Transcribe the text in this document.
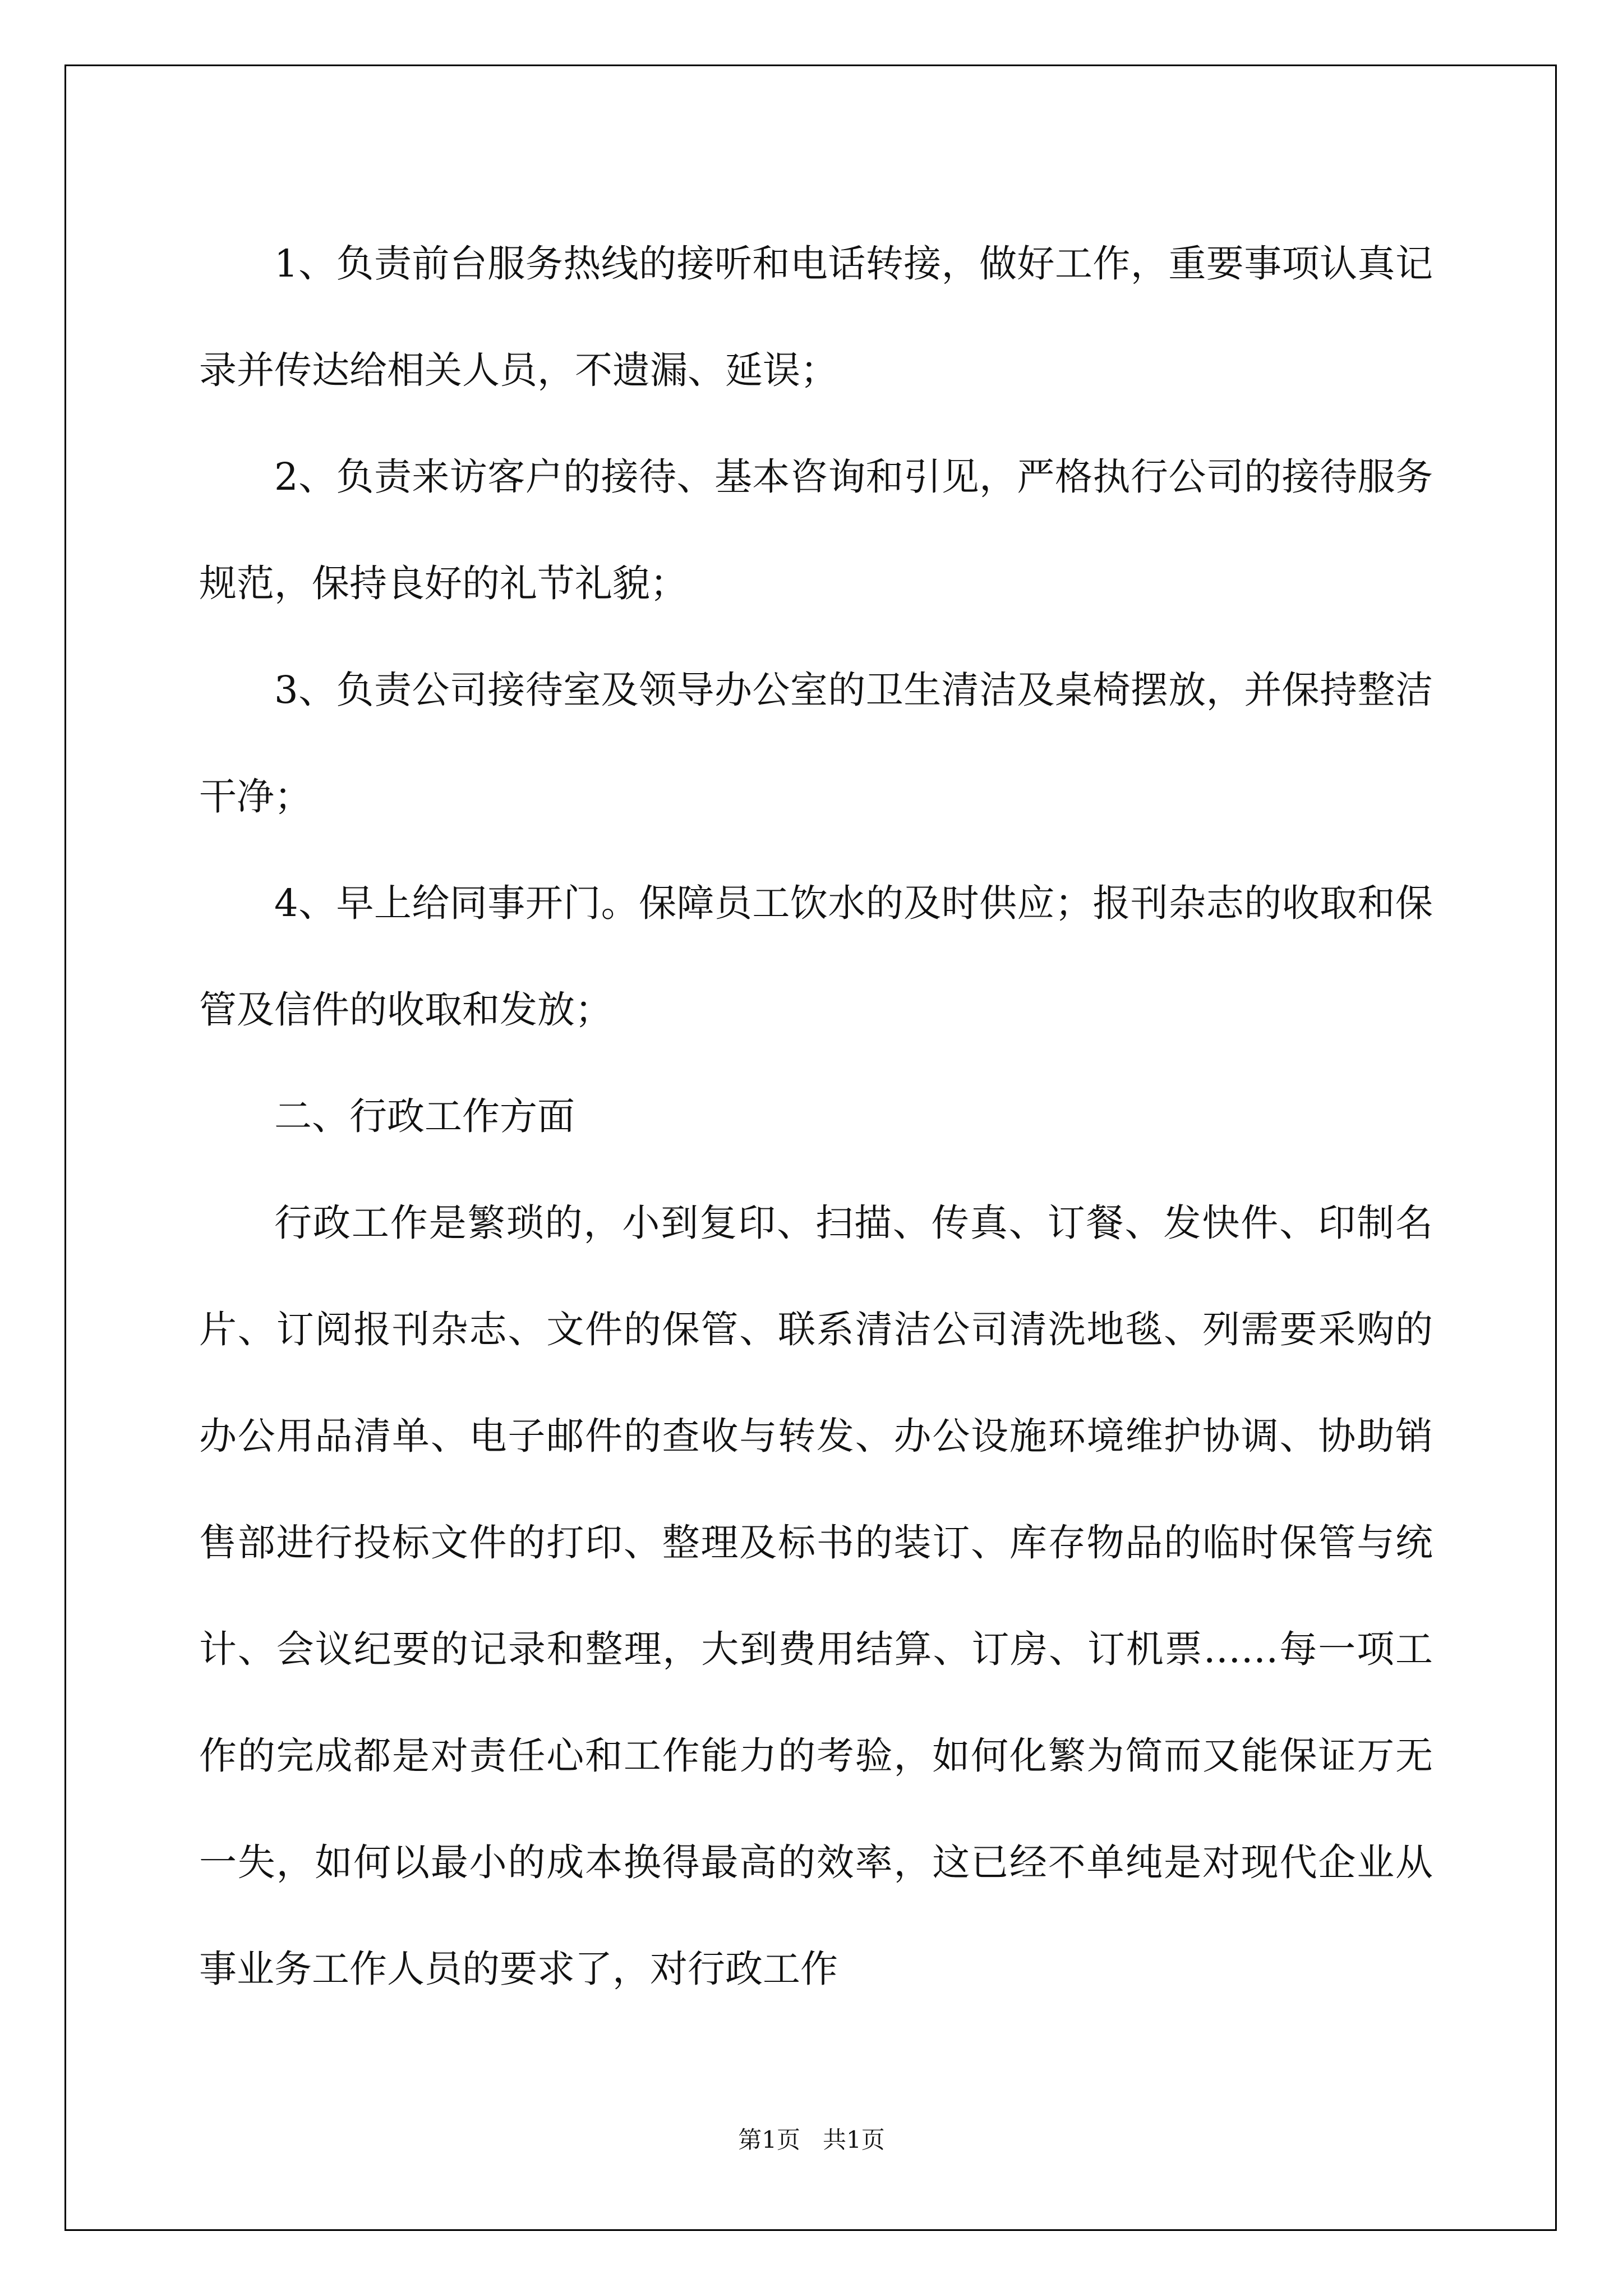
1、负责前台服务热线的接听和电话转接，做好工作，重要事项认真记录并传达给相关人员，不遗漏、延误；

2、负责来访客户的接待、基本咨询和引见，严格执行公司的接待服务规范，保持良好的礼节礼貌；

3、负责公司接待室及领导办公室的卫生清洁及桌椅摆放，并保持整洁干净；

4、早上给同事开门。保障员工饮水的及时供应；报刊杂志的收取和保管及信件的收取和发放；

二、行政工作方面

行政工作是繁琐的，小到复印、扫描、传真、订餐、发快件、印制名片、订阅报刊杂志、文件的保管、联系清洁公司清洗地毯、列需要采购的办公用品清单、电子邮件的查收与转发、办公设施环境维护协调、协助销售部进行投标文件的打印、整理及标书的装订、库存物品的临时保管与统计、会议纪要的记录和整理，大到费用结算、订房、订机票……每一项工作的完成都是对责任心和工作能力的考验，如何化繁为简而又能保证万无一失，如何以最小的成本换得最高的效率，这已经不单纯是对现代企业从事业务工作人员的要求了，对行政工作

第1页 共1页
